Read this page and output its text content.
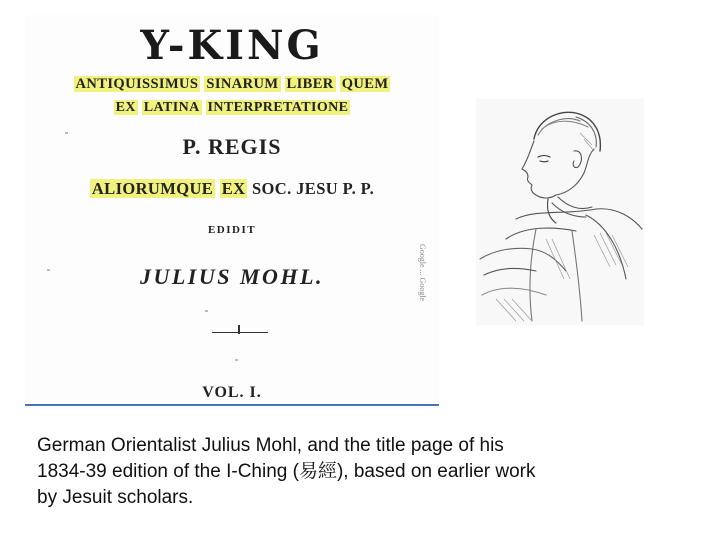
Y-KING
ANTIQUISSIMUS SINARUM LIBER QUEM
EX LATINA INTERPRETATIONE
P. REGIS
ALIORUMQUE EX SOC. JESU P. P.
EDIDIT
JULIUS MOHL.
VOL. I.
Google ... Google
German Orientalist Julius Mohl, and the title page of his
1834-39 edition of the I-Ching (易經), based on earlier work
by Jesuit scholars.
